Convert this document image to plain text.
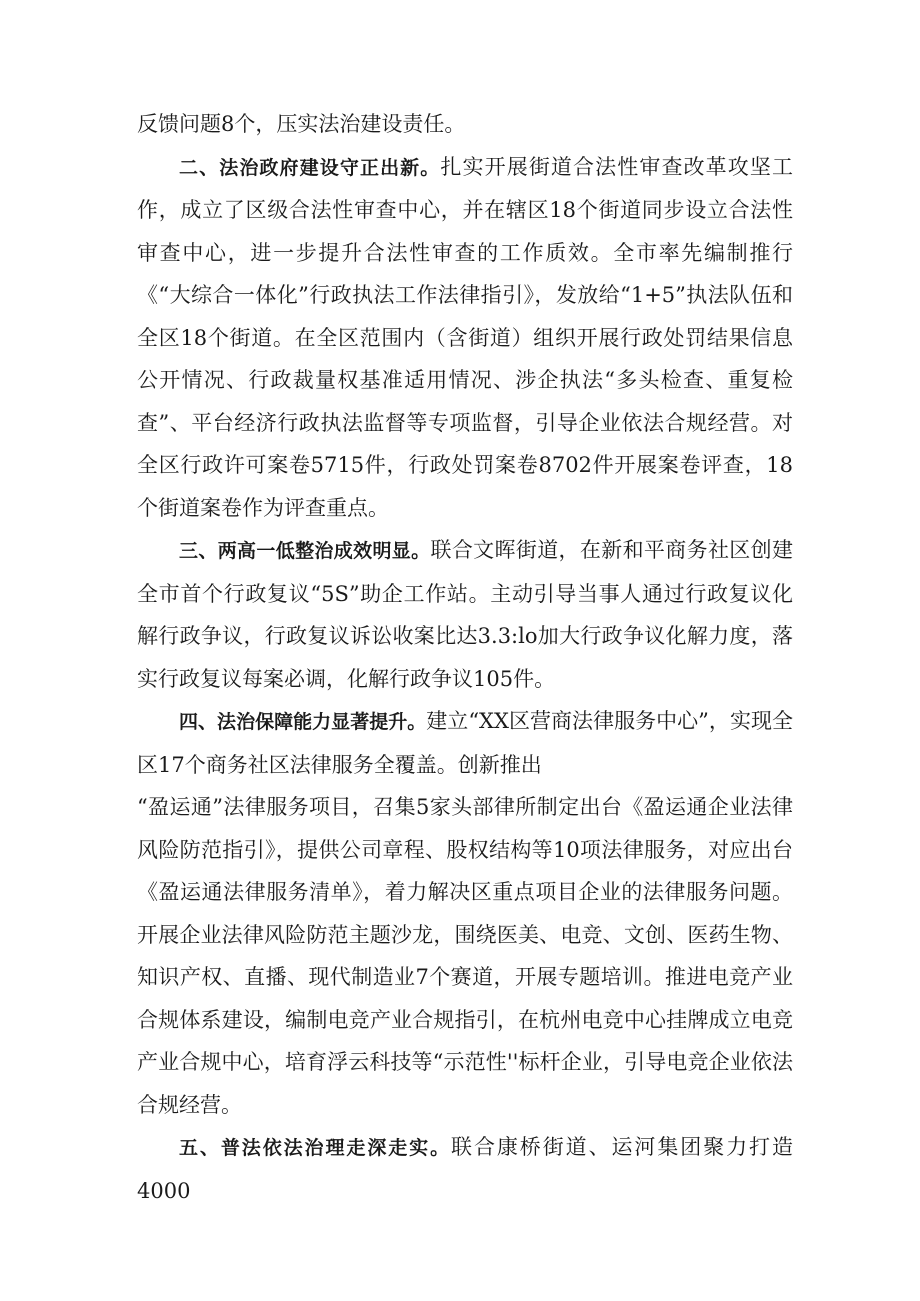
反馈问题8个，压实法治建设责任。

二、法治政府建设守正出新。扎实开展街道合法性审查改革攻坚工作，成立了区级合法性审查中心，并在辖区18个街道同步设立合法性审查中心，进一步提升合法性审查的工作质效。全市率先编制推行《“大综合一体化”行政执法工作法律指引》，发放给“1+5”执法队伍和全区18个街道。在全区范围内（含街道）组织开展行政处罚结果信息公开情况、行政裁量权基准适用情况、涉企执法“多头检查、重复检查”、平台经济行政执法监督等专项监督，引导企业依法合规经营。对全区行政许可案卷5715件，行政处罚案卷8702件开展案卷评查，18个街道案卷作为评查重点。

三、两高一低整治成效明显。联合文晖街道，在新和平商务社区创建全市首个行政复议“5S”助企工作站。主动引导当事人通过行政复议化解行政争议，行政复议诉讼收案比达3.3:lo加大行政争议化解力度，落实行政复议每案必调，化解行政争议105件。

四、法治保障能力显著提升。建立“XX区营商法律服务中心”，实现全区17个商务社区法律服务全覆盖。创新推出

“盈运通”法律服务项目，召集5家头部律所制定出台《盈运通企业法律风险防范指引》，提供公司章程、股权结构等10项法律服务，对应出台《盈运通法律服务清单》，着力解决区重点项目企业的法律服务问题。开展企业法律风险防范主题沙龙，围绕医美、电竞、文创、医药生物、知识产权、直播、现代制造业7个赛道，开展专题培训。推进电竞产业合规体系建设，编制电竞产业合规指引，在杭州电竞中心挂牌成立电竞产业合规中心，培育浮云科技等“示范性''标杆企业，引导电竞企业依法合规经营。

五、普法依法治理走深走实。联合康桥街道、运河集团聚力打造4000
